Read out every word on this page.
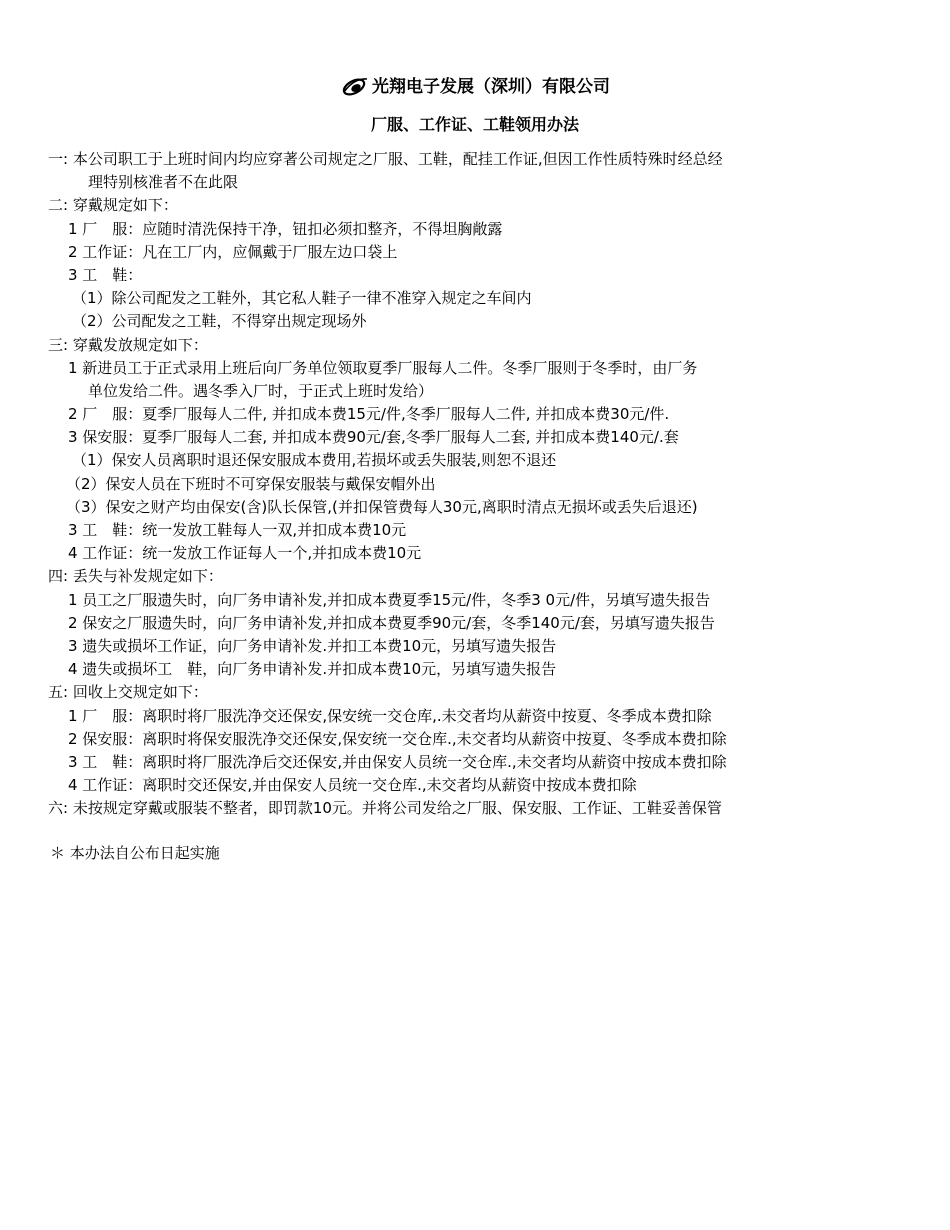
光翔电子发展（深圳）有限公司
厂服、工作证、工鞋领用办法
一: 本公司职工于上班时间内均应穿著公司规定之厂服、工鞋，配挂工作证,但因工作性质特殊时经总经
理特别核准者不在此限
二: 穿戴规定如下：
1 厂　服：应随时清洗保持干净，钮扣必须扣整齐，不得坦胸敞露
2 工作证：凡在工厂内，应佩戴于厂服左边口袋上
3 工　鞋：
（1）除公司配发之工鞋外，其它私人鞋子一律不准穿入规定之车间内
（2）公司配发之工鞋，不得穿出规定现场外
三: 穿戴发放规定如下：
1 新进员工于正式录用上班后向厂务单位领取夏季厂服每人二件。冬季厂服则于冬季时，由厂务
单位发给二件。遇冬季入厂时，于正式上班时发给）
2 厂　服：夏季厂服每人二件, 并扣成本费15元/件,冬季厂服每人二件, 并扣成本费30元/件.
3 保安服：夏季厂服每人二套, 并扣成本费90元/套,冬季厂服每人二套, 并扣成本费140元/.套
（1）保安人员离职时退还保安服成本费用,若损坏或丢失服装,则恕不退还
（2）保安人员在下班时不可穿保安服装与戴保安帽外出
（3）保安之财产均由保安(含)队长保管,(并扣保管费每人30元,离职时清点无损坏或丢失后退还)
3 工　鞋：统一发放工鞋每人一双,并扣成本费10元
4 工作证：统一发放工作证每人一个,并扣成本费10元
四: 丢失与补发规定如下：
1 员工之厂服遗失时，向厂务申请补发,并扣成本费夏季15元/件，冬季3 0元/件，另填写遗失报告
2 保安之厂服遗失时，向厂务申请补发,并扣成本费夏季90元/套，冬季140元/套，另填写遗失报告
3 遗失或损坏工作证，向厂务申请补发.并扣工本费10元，另填写遗失报告
4 遗失或损坏工　鞋，向厂务申请补发.并扣成本费10元，另填写遗失报告
五: 回收上交规定如下：
1 厂　服：离职时将厂服洗净交还保安,保安统一交仓库,.未交者均从薪资中按夏、冬季成本费扣除
2 保安服：离职时将保安服洗净交还保安,保安统一交仓库.,未交者均从薪资中按夏、冬季成本费扣除
3 工　鞋：离职时将厂服洗净后交还保安,并由保安人员统一交仓库.,未交者均从薪资中按成本费扣除
4 工作证：离职时交还保安,并由保安人员统一交仓库.,未交者均从薪资中按成本费扣除
六: 未按规定穿戴或服装不整者，即罚款10元。并将公司发给之厂服、保安服、工作证、工鞋妥善保管
＊ 本办法自公布日起实施
